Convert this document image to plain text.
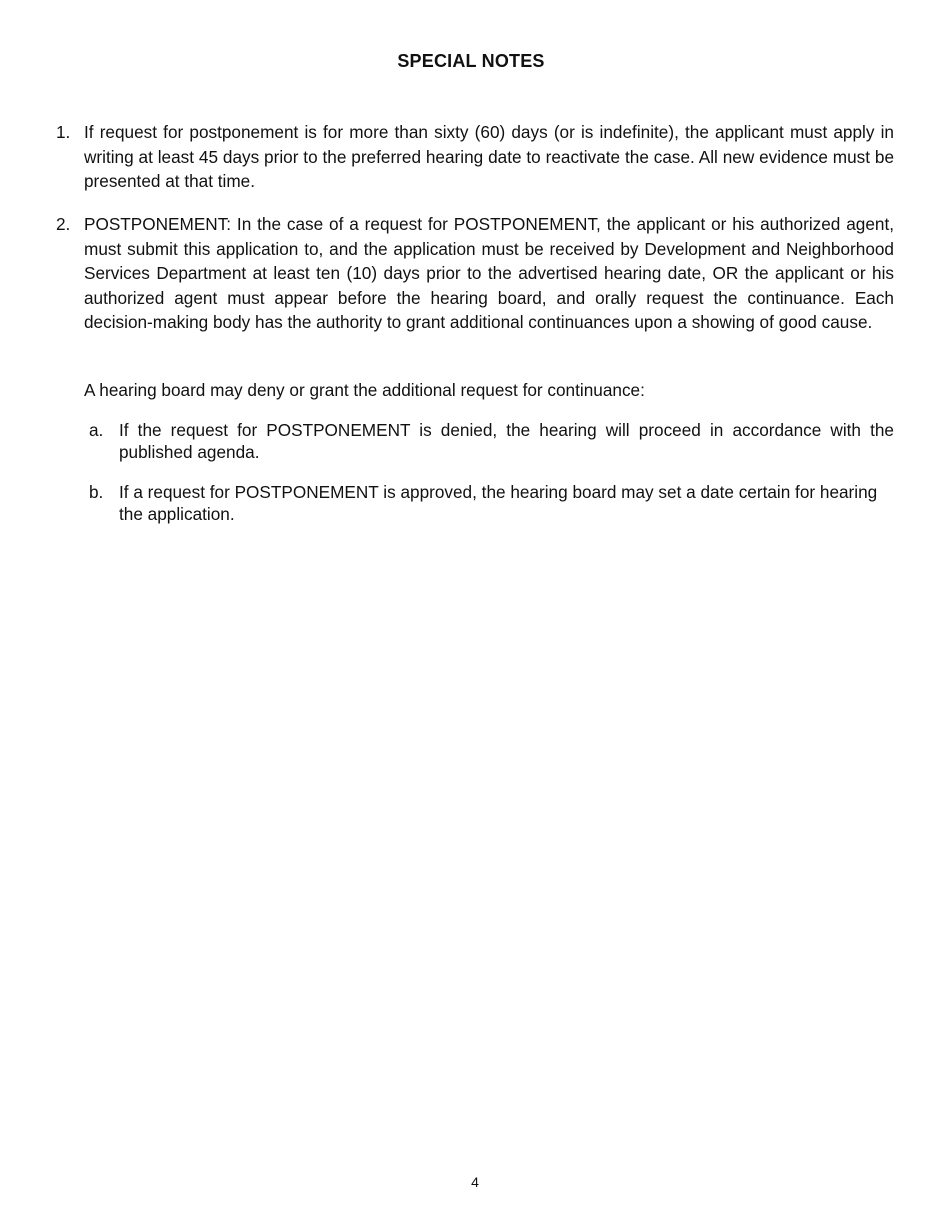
SPECIAL NOTES
1. If request for postponement is for more than sixty (60) days (or is indefinite), the applicant must apply in writing at least 45 days prior to the preferred hearing date to reactivate the case. All new evidence must be presented at that time.
2. POSTPONEMENT: In the case of a request for POSTPONEMENT, the applicant or his authorized agent, must submit this application to, and the application must be received by Development and Neighborhood Services Department at least ten (10) days prior to the advertised hearing date, OR the applicant or his authorized agent must appear before the hearing board, and orally request the continuance. Each decision-making body has the authority to grant additional continuances upon a showing of good cause.
A hearing board may deny or grant the additional request for continuance:
a. If the request for POSTPONEMENT is denied, the hearing will proceed in accordance with the published agenda.
b. If a request for POSTPONEMENT is approved, the hearing board may set a date certain for hearing the application.
4
